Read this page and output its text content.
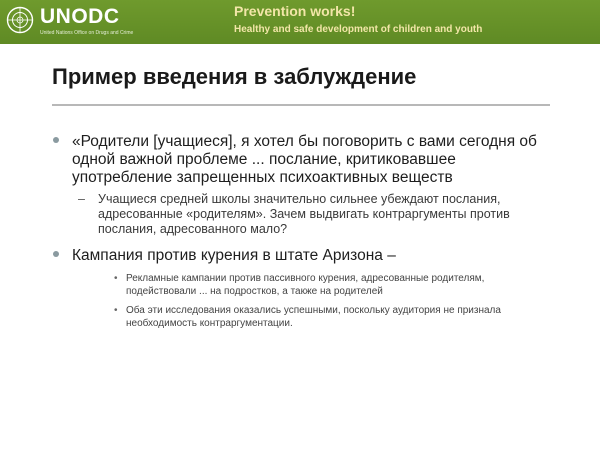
UNODC
United Nations Office on Drugs and Crime
Prevention works!
Healthy and safe development of children and youth
Пример введения в заблуждение
«Родители [учащиеся], я хотел бы поговорить с вами сегодня об одной важной проблеме ... послание, критиковавшее употребление запрещенных психоактивных веществ
– Учащиеся средней школы значительно сильнее убеждают послания, адресованные «родителям». Зачем выдвигать контраргументы против послания, адресованного мало?
Кампания против курения в штате Аризона –
• Рекламные кампании против пассивного курения, адресованные родителям, подействовали ... на подростков, а также на родителей
• Оба эти исследования оказались успешными, поскольку аудитория не признала необходимость контраргументации.
